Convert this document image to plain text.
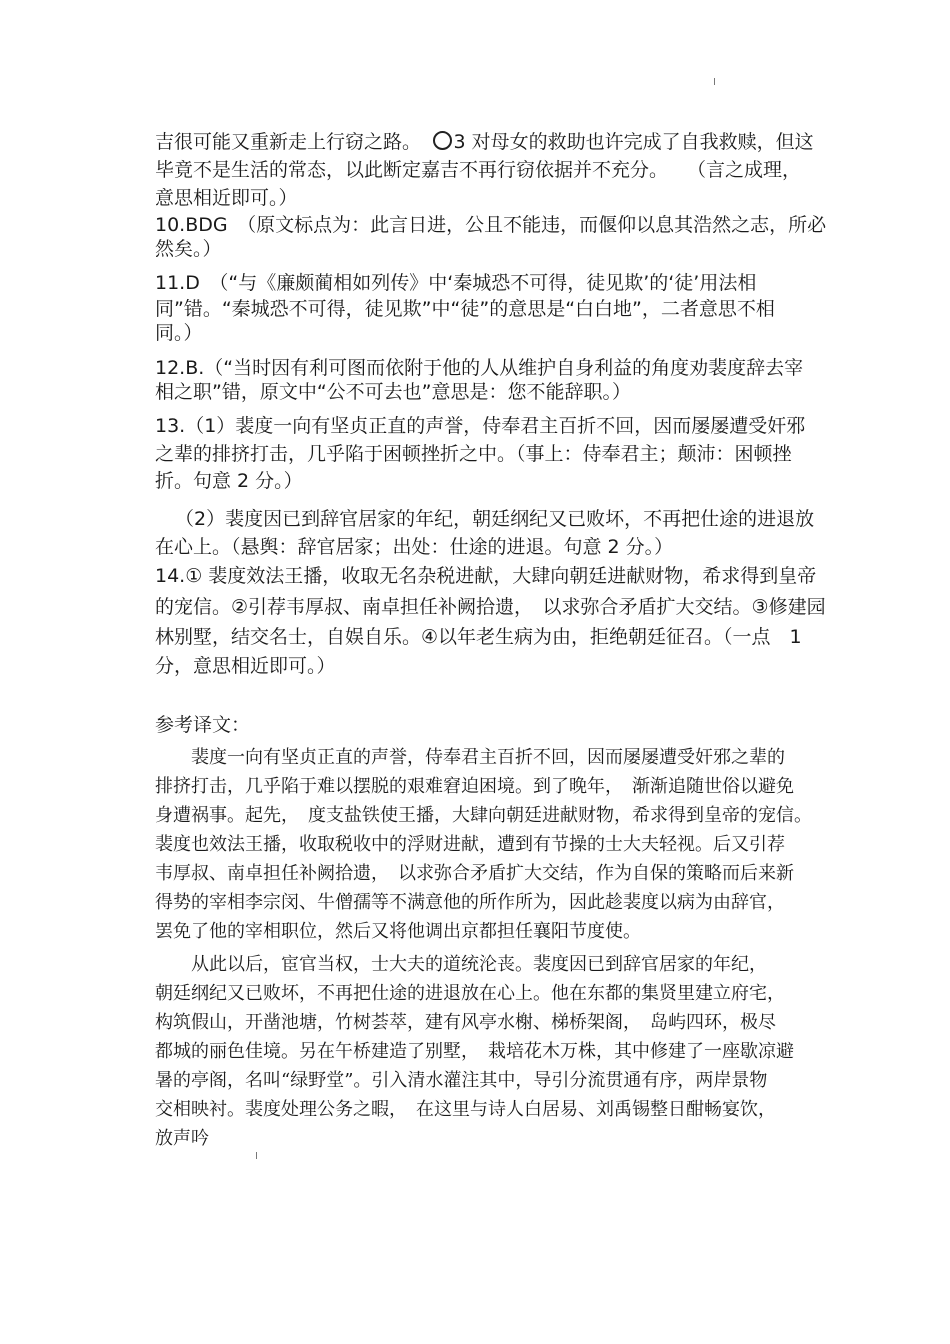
吉很可能又重新走上行窃之路。　 3 对母女的救助也许完成了自我救赎，但这
毕竟不是生活的常态，以此断定嘉吉不再行窃依据并不充分。　　（言之成理，
意思相近即可。）
10.BDG　（原文标点为：此言日进，公且不能违，而偃仰以息其浩然之志，所必
然矣。）
11.D　（“与《廉颇蔺相如列传》中‘秦城恐不可得，徒见欺’的‘徒’用法相
同”错。“秦城恐不可得，徒见欺”中“徒”的意思是“白白地”，二者意思不相
同。）
12.B.（“当时因有利可图而依附于他的人从维护自身利益的角度劝裴度辞去宰
相之职”错，原文中“公不可去也”意思是：您不能辞职。）
13.（1）裴度一向有坚贞正直的声誉，侍奉君主百折不回，因而屡屡遭受奸邪
之辈的排挤打击，几乎陷于困顿挫折之中。（事上：侍奉君主；颠沛：困顿挫
折。句意 2 分。）
（2）裴度因已到辞官居家的年纪，朝廷纲纪又已败坏，不再把仕途的进退放
在心上。（悬舆：辞官居家；出处：仕途的进退。句意 2 分。）
14.① 裴度效法王播，收取无名杂税进献，大肆向朝廷进献财物，希求得到皇帝
的宠信。②引荐韦厚叔、南卓担任补阙拾遗，　以求弥合矛盾扩大交结。③修建园
林别墅，结交名士，自娱自乐。④以年老生病为由，拒绝朝廷征召。（一点　1
分，意思相近即可。）
参考译文：
　　裴度一向有坚贞正直的声誉，侍奉君主百折不回，因而屡屡遭受奸邪之辈的
排挤打击，几乎陷于难以摆脱的艰难窘迫困境。到了晚年，　渐渐追随世俗以避免
身遭祸事。起先，　度支盐铁使王播，大肆向朝廷进献财物，希求得到皇帝的宠信。
裴度也效法王播，收取税收中的浮财进献，遭到有节操的士大夫轻视。后又引荐
韦厚叔、南卓担任补阙拾遗，　以求弥合矛盾扩大交结，作为自保的策略而后来新
得势的宰相李宗闵、牛僧孺等不满意他的所作所为，因此趁裴度以病为由辞官，
罢免了他的宰相职位，然后又将他调出京都担任襄阳节度使。
　　从此以后，宦官当权，士大夫的道统沦丧。裴度因已到辞官居家的年纪，
朝廷纲纪又已败坏，不再把仕途的进退放在心上。他在东都的集贤里建立府宅，
构筑假山，开凿池塘，竹树荟萃，建有风亭水榭、梯桥架阁，　岛屿四环，极尽
都城的丽色佳境。另在午桥建造了别墅，　栽培花木万株，其中修建了一座歇凉避
暑的亭阁，名叫“绿野堂”。引入清水灌注其中，导引分流贯通有序，两岸景物
交相映衬。裴度处理公务之暇，　在这里与诗人白居易、刘禹锡整日酣畅宴饮，
放声吟
